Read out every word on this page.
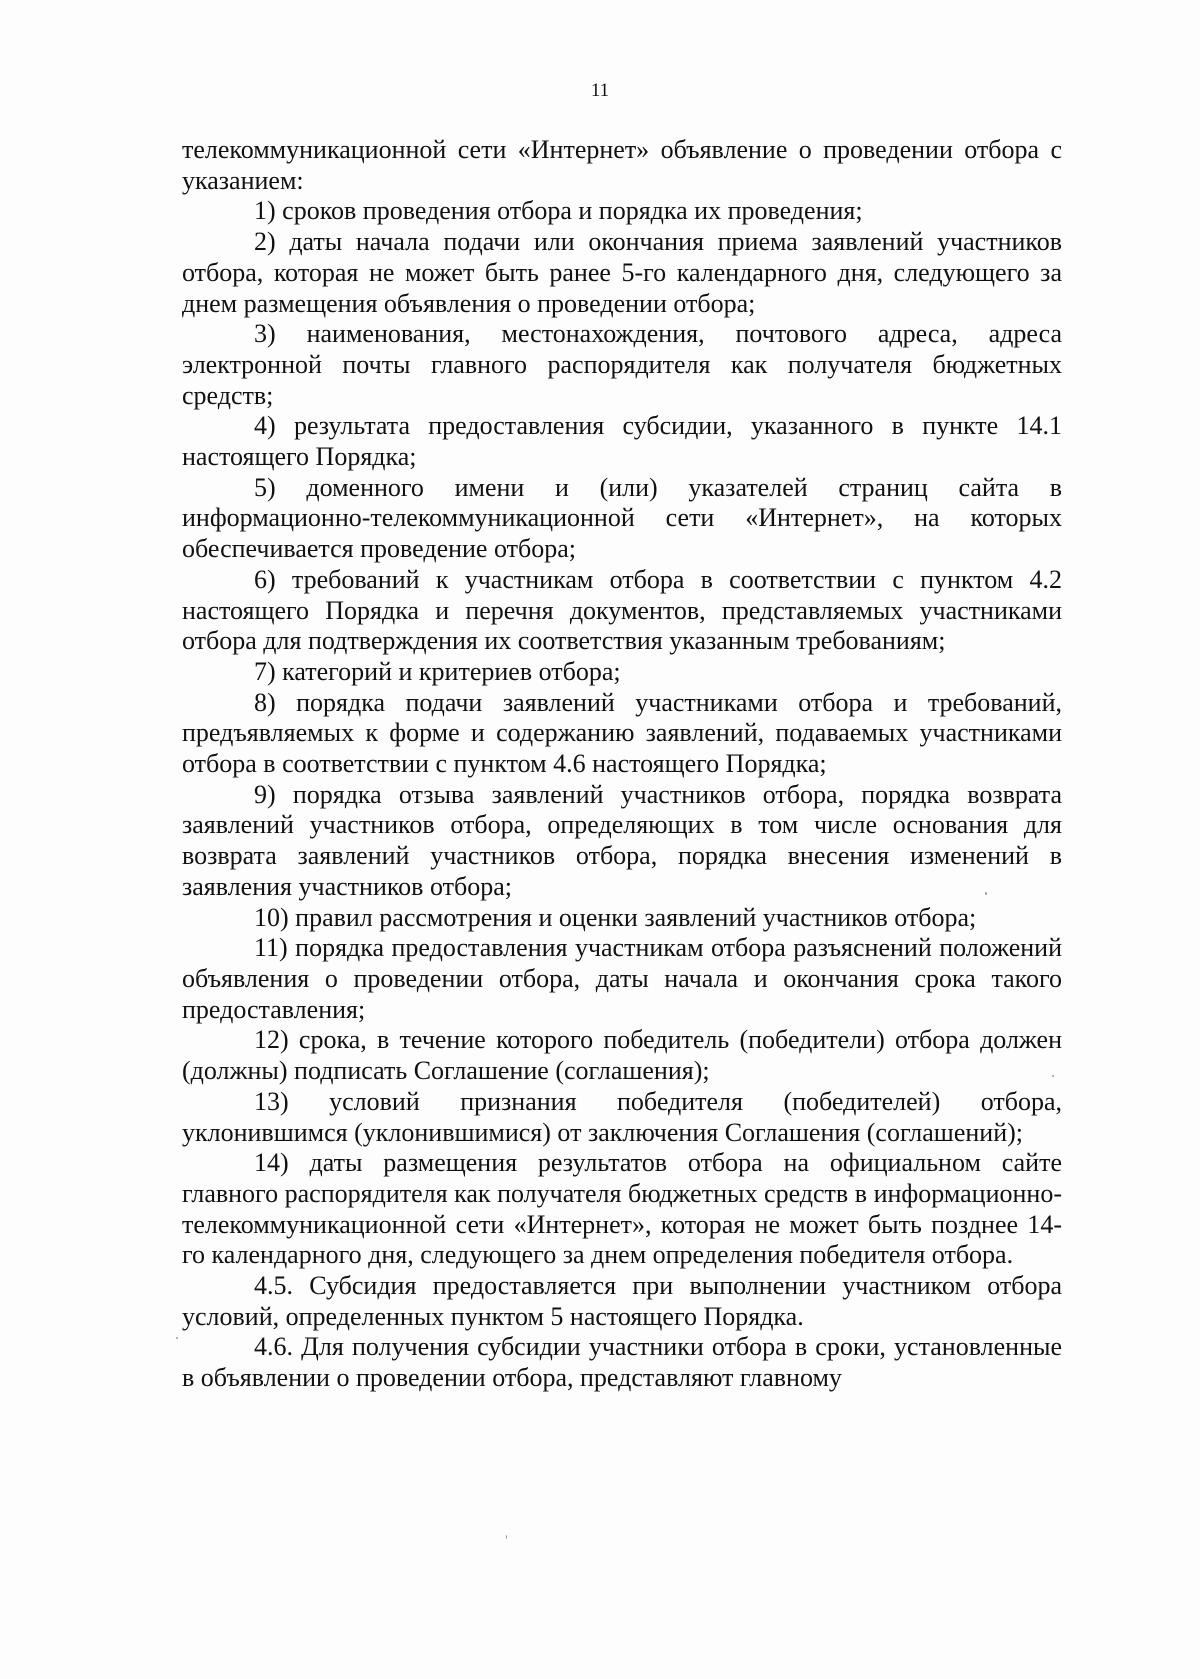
11

телекоммуникационной сети «Интернет» объявление о проведении отбора с указанием:

1) сроков проведения отбора и порядка их проведения;

2) даты начала подачи или окончания приема заявлений участников отбора, которая не может быть ранее 5-го календарного дня, следующего за днем размещения объявления о проведении отбора;

3) наименования, местонахождения, почтового адреса, адреса электронной почты главного распорядителя как получателя бюджетных средств;

4) результата предоставления субсидии, указанного в пункте 14.1 настоящего Порядка;

5) доменного имени и (или) указателей страниц сайта в информационно-телекоммуникационной сети «Интернет», на которых обеспечивается проведение отбора;

6) требований к участникам отбора в соответствии с пунктом 4.2 настоящего Порядка и перечня документов, представляемых участниками отбора для подтверждения их соответствия указанным требованиям;

7) категорий и критериев отбора;

8) порядка подачи заявлений участниками отбора и требований, предъявляемых к форме и содержанию заявлений, подаваемых участниками отбора в соответствии с пунктом 4.6 настоящего Порядка;

9) порядка отзыва заявлений участников отбора, порядка возврата заявлений участников отбора, определяющих в том числе основания для возврата заявлений участников отбора, порядка внесения изменений в заявления участников отбора;

10) правил рассмотрения и оценки заявлений участников отбора;

11) порядка предоставления участникам отбора разъяснений положений объявления о проведении отбора, даты начала и окончания срока такого предоставления;

12) срока, в течение которого победитель (победители) отбора должен (должны) подписать Соглашение (соглашения);

13) условий признания победителя (победителей) отбора, уклонившимся (уклонившимися) от заключения Соглашения (соглашений);

14) даты размещения результатов отбора на официальном сайте главного распорядителя как получателя бюджетных средств в информационно-телекоммуникационной сети «Интернет», которая не может быть позднее 14-го календарного дня, следующего за днем определения победителя отбора.

4.5. Субсидия предоставляется при выполнении участником отбора условий, определенных пунктом 5 настоящего Порядка.

4.6. Для получения субсидии участники отбора в сроки, установленные в объявлении о проведении отбора, представляют главному
